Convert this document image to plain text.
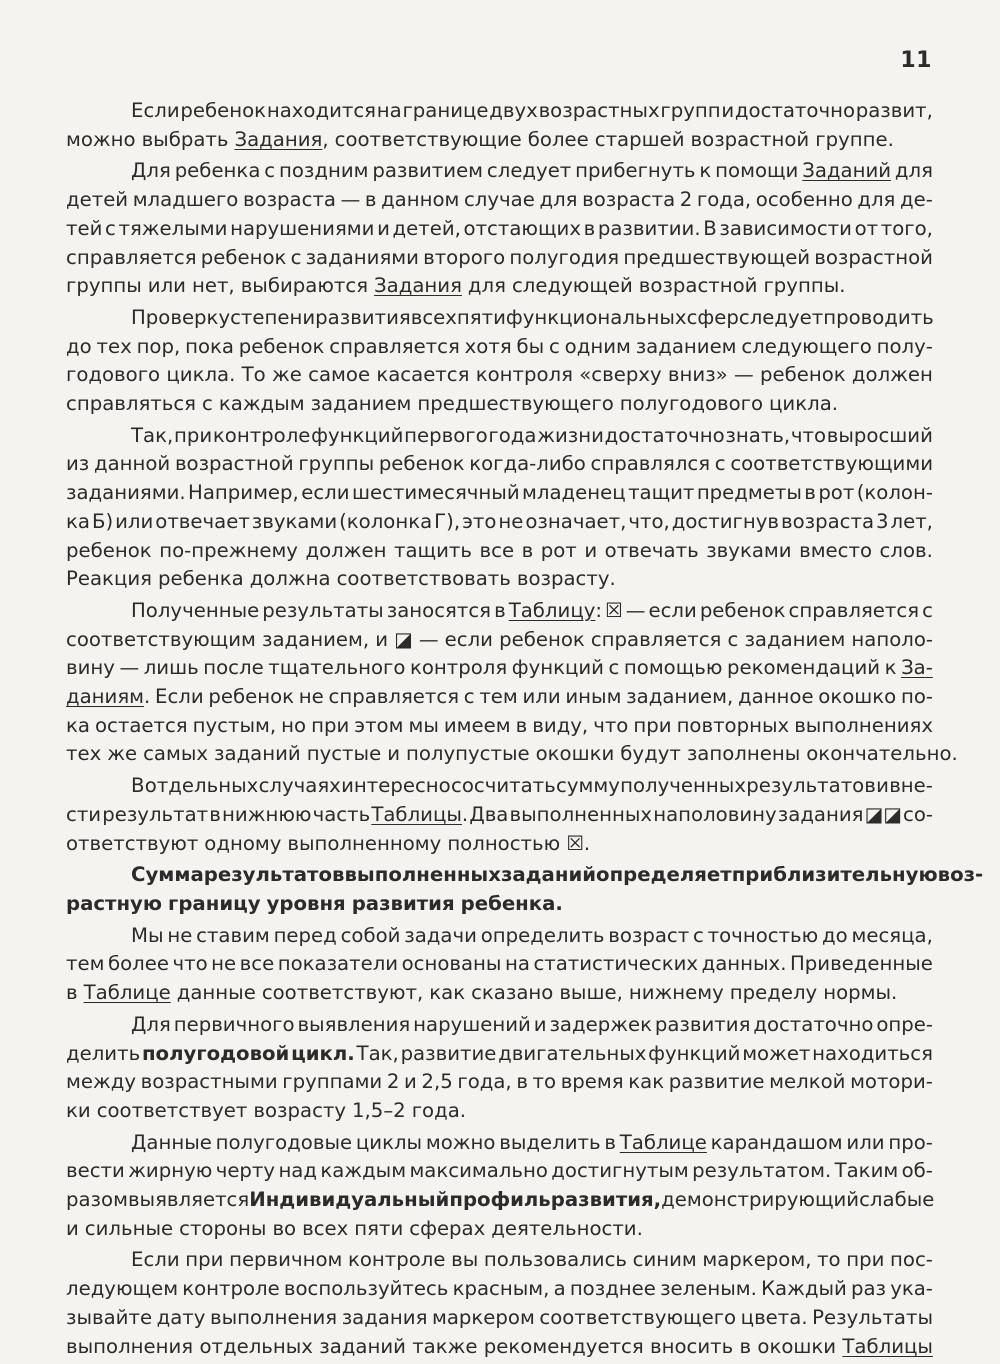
11
Если ребенок находится на границе двух возрастных групп и достаточно развит,
можно выбрать Задания, соответствующие более старшей возрастной группе.
Для ребенка с поздним развитием следует прибегнуть к помощи Заданий для
детей младшего возраста — в данном случае для возраста 2 года, особенно для де-
тей с тяжелыми нарушениями и детей, отстающих в развитии. В зависимости от того,
справляется ребенок с заданиями второго полугодия предшествующей возрастной
группы или нет, выбираются Задания для следующей возрастной группы.
Проверку степени развития всех пяти функциональных сфер следует проводить
до тех пор, пока ребенок справляется хотя бы с одним заданием следующего полу-
годового цикла. То же самое касается контроля «сверху вниз» — ребенок должен
справляться с каждым заданием предшествующего полугодового цикла.
Так, при контроле функций первого года жизни достаточно знать, что выросший
из данной возрастной группы ребенок когда-либо справлялся с соответствующими
заданиями. Например, если шестимесячный младенец тащит предметы в рот (колон-
ка Б) или отвечает звуками (колонка Г), это не означает, что, достигнув возраста 3 лет,
ребенок по-прежнему должен тащить все в рот и отвечать звуками вместо слов.
Реакция ребенка должна соответствовать возрасту.
Полученные результаты заносятся в Таблицу: ☒ — если ребенок справляется с
соответствующим заданием, и ◪ — если ребенок справляется с заданием наполо-
вину — лишь после тщательного контроля функций с помощью рекомендаций к За-
даниям. Если ребенок не справляется с тем или иным заданием, данное окошко по-
ка остается пустым, но при этом мы имеем в виду, что при повторных выполнениях
тех же самых заданий пустые и полупустые окошки будут заполнены окончательно.
В отдельных случаях интересно сосчитать сумму полученных результатов и вне-
сти результат в нижнюю часть Таблицы. Два выполненных наполовину задания ◪◪ со-
ответствуют одному выполненному полностью ☒.
Сумма результатов выполненных заданий определяет приблизительную воз-
растную границу уровня развития ребенка.
Мы не ставим перед собой задачи определить возраст с точностью до месяца,
тем более что не все показатели основаны на статистических данных. Приведенные
в Таблице данные соответствуют, как сказано выше, нижнему пределу нормы.
Для первичного выявления нарушений и задержек развития достаточно опре-
делить полугодовой цикл. Так, развитие двигательных функций может находиться
между возрастными группами 2 и 2,5 года, в то время как развитие мелкой мотори-
ки соответствует возрасту 1,5–2 года.
Данные полугодовые циклы можно выделить в Таблице карандашом или про-
вести жирную черту над каждым максимально достигнутым результатом. Таким об-
разом выявляется Индивидуальный профиль развития, демонстрирующий слабые
и сильные стороны во всех пяти сферах деятельности.
Если при первичном контроле вы пользовались синим маркером, то при пос-
ледующем контроле воспользуйтесь красным, а позднее зеленым. Каждый раз ука-
зывайте дату выполнения задания маркером соответствующего цвета. Результаты
выполнения отдельных заданий также рекомендуется вносить в окошки Таблицы
